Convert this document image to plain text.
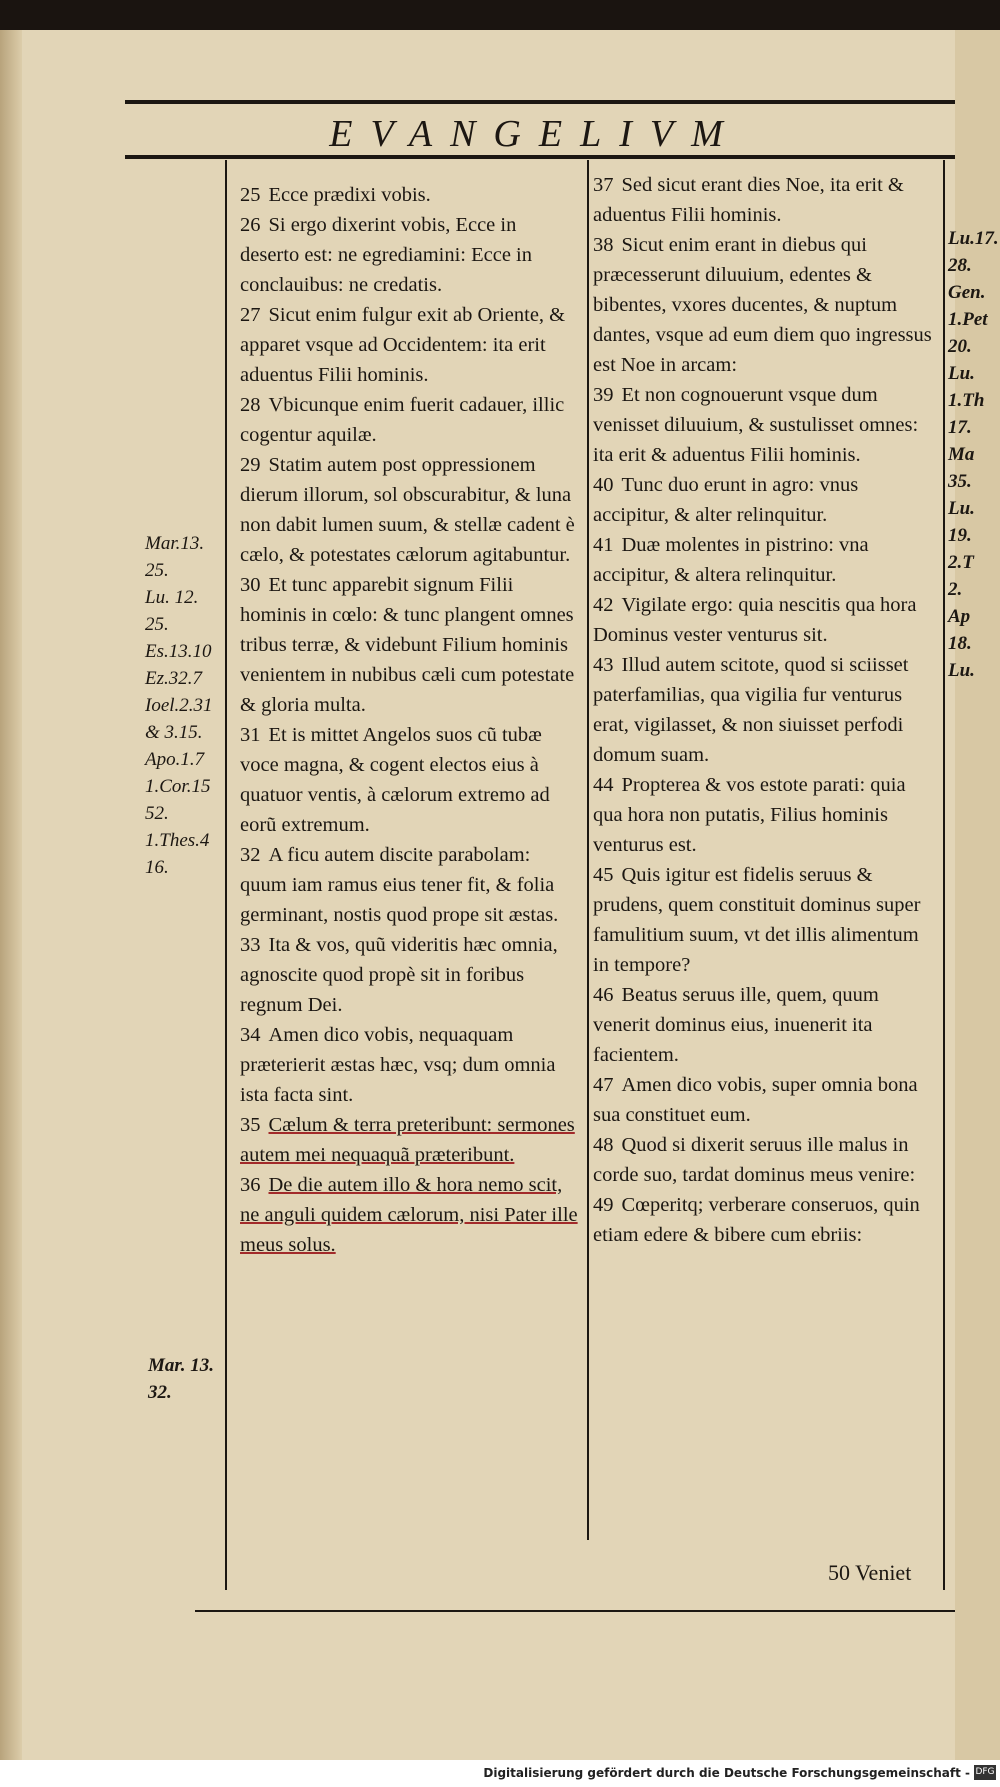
EVANGELIVM

25 Ecce prædixi vobis.

26 Si ergo dixerint vobis, Ecce in deserto est: ne egrediamini: Ecce in conclauibus: ne credatis.

27 Sicut enim fulgur exit ab Oriente, & apparet vsque ad Occidentem: ita erit aduentus Filii hominis.

28 Vbicunque enim fuerit cadauer, illic cogentur aquilæ.

29 Statim autem post oppressionem dierum illorum, sol obscurabitur, & luna non dabit lumen suum, & stellæ cadent è cælo, & potestates cælorum agitabuntur.

30 Et tunc apparebit signum Filii hominis in cœlo: & tunc plangent omnes tribus terræ, & videbunt Filium hominis venientem in nubibus cæli cum potestate & gloria multa.

31 Et is mittet Angelos suos cũ tubæ voce magna, & cogent electos eius à quatuor ventis, à cælorum extremo ad eorũ extremum.

32 A ficu autem discite parabolam: quum iam ramus eius tener fit, & folia germinant, nostis quod prope sit æstas.

33 Ita & vos, quũ videritis hæc omnia, agnoscite quod propè sit in foribus regnum Dei.

34 Amen dico vobis, nequaquam præterierit æstas hæc, vsq; dum omnia ista facta sint.

35 Cælum & terra preteribunt: sermones autem mei nequaquã præteribunt.

36 De die autem illo & hora nemo scit, ne anguli quidem cælorum, nisi Pater ille meus solus.

37 Sed sicut erant dies Noe, ita erit & aduentus Filii hominis.

38 Sicut enim erant in diebus qui præcesserunt diluuium, edentes & bibentes, vxores ducentes, & nuptum dantes, vsque ad eum diem quo ingressus est Noe in arcam:

39 Et non cognouerunt vsque dum venisset diluuium, & sustulisset omnes: ita erit & aduentus Filii hominis.

40 Tunc duo erunt in agro: vnus accipitur, & alter relinquitur.

41 Duæ molentes in pistrino: vna accipitur, & altera relinquitur.

42 Vigilate ergo: quia nescitis qua hora Dominus vester venturus sit.

43 Illud autem scitote, quod si sciisset paterfamilias, qua vigilia fur venturus erat, vigilasset, & non siuisset perfodi domum suam.

44 Propterea & vos estote parati: quia qua hora non putatis, Filius hominis venturus est.

45 Quis igitur est fidelis seruus & prudens, quem constituit dominus super famulitium suum, vt det illis alimentum in tempore?

46 Beatus seruus ille, quem, quum venerit dominus eius, inuenerit ita facientem.

47 Amen dico vobis, super omnia bona sua constituet eum.

48 Quod si dixerit seruus ille malus in corde suo, tardat dominus meus venire:

49 Cœperitq; verberare conseruos, quin etiam edere & bibere cum ebriis:

Mar.13.
25.
Lu. 12.
25.
Es.13.10
Ez.32.7
Ioel.2.31
& 3.15.
Apo.1.7
1.Cor.15
52.
1.Thes.4
16.
Mar. 13.
32.
Lu.17.
28.
Gen.
1.Pet
20.
Lu.
1.Th
17.
Ma
35.
Lu.
19.
2.T
2.
Ap
18.
Lu.
50 Veniet
Digitalisierung gefördert durch die Deutsche Forschungsgemeinschaft - DFG
